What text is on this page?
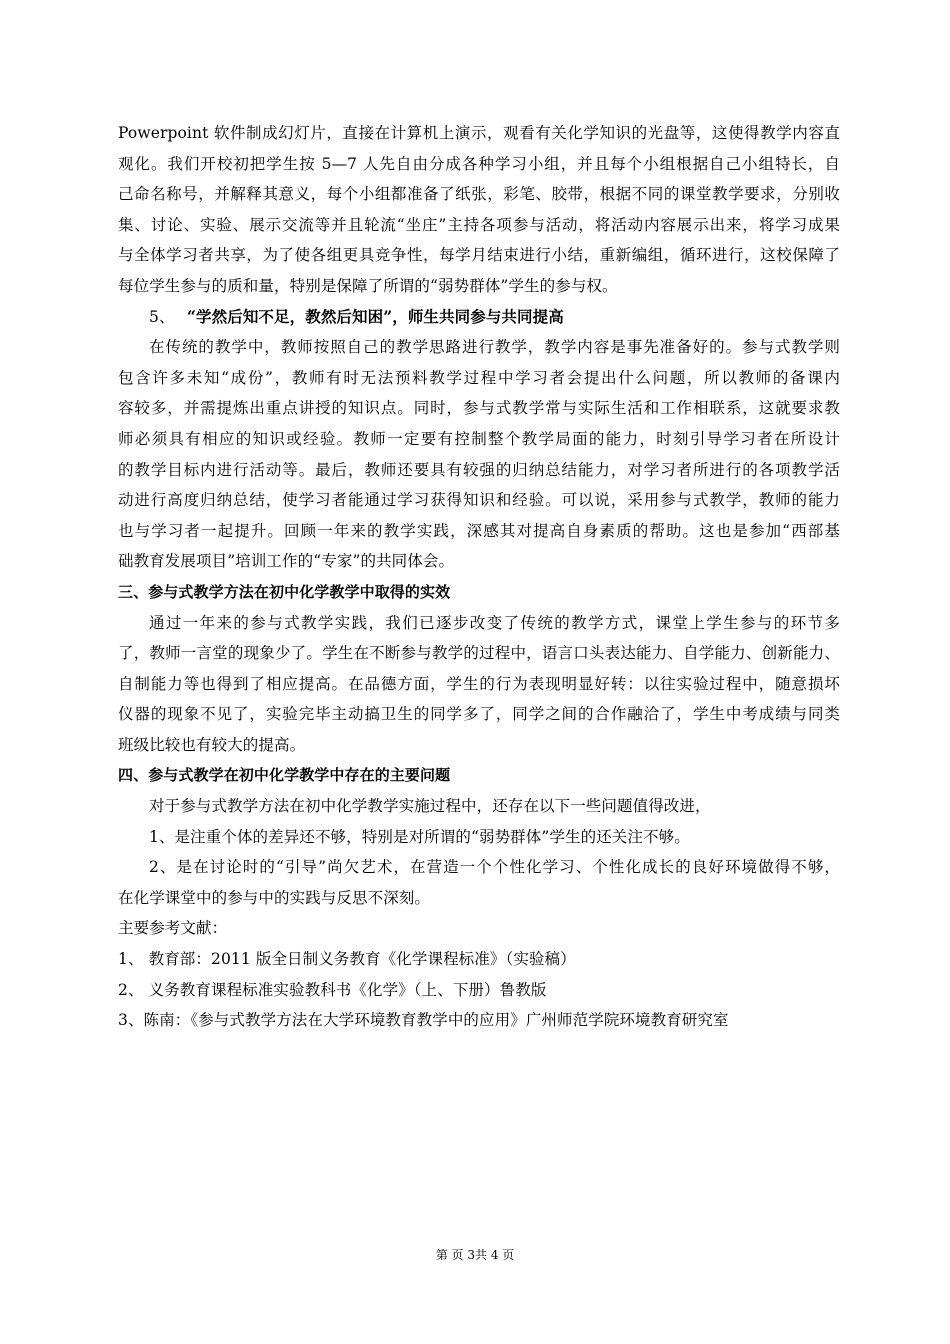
Powerpoint 软件制成幻灯片，直接在计算机上演示，观看有关化学知识的光盘等，这使得教学内容直
观化。我们开校初把学生按 5—7 人先自由分成各种学习小组，并且每个小组根据自己小组特长，自
己命名称号，并解释其意义，每个小组都准备了纸张，彩笔、胶带，根据不同的课堂教学要求，分别收
集、讨论、实验、展示交流等并且轮流“坐庄”主持各项参与活动，将活动内容展示出来，将学习成果
与全体学习者共享，为了使各组更具竞争性，每学月结束进行小结，重新编组，循环进行，这校保障了
每位学生参与的质和量，特别是保障了所谓的“弱势群体”学生的参与权。
5、 “学然后知不足，教然后知困”，师生共同参与共同提高
在传统的教学中，教师按照自己的教学思路进行教学，教学内容是事先准备好的。参与式教学则
包含许多未知“成份”，教师有时无法预料教学过程中学习者会提出什么问题，所以教师的备课内
容较多，并需提炼出重点讲授的知识点。同时，参与式教学常与实际生活和工作相联系，这就要求教
师必须具有相应的知识或经验。教师一定要有控制整个教学局面的能力，时刻引导学习者在所设计
的教学目标内进行活动等。最后，教师还要具有较强的归纳总结能力，对学习者所进行的各项教学活
动进行高度归纳总结，使学习者能通过学习获得知识和经验。可以说，采用参与式教学，教师的能力
也与学习者一起提升。回顾一年来的教学实践，深感其对提高自身素质的帮助。这也是参加“西部基
础教育发展项目”培训工作的“专家”的共同体会。
三、参与式教学方法在初中化学教学中取得的实效
通过一年来的参与式教学实践，我们已逐步改变了传统的教学方式，课堂上学生参与的环节多
了，教师一言堂的现象少了。学生在不断参与教学的过程中，语言口头表达能力、自学能力、创新能力、
自制能力等也得到了相应提高。在品德方面，学生的行为表现明显好转：以往实验过程中，随意损坏
仪器的现象不见了，实验完毕主动搞卫生的同学多了，同学之间的合作融洽了，学生中考成绩与同类
班级比较也有较大的提高。
四、参与式教学在初中化学教学中存在的主要问题
对于参与式教学方法在初中化学教学实施过程中，还存在以下一些问题值得改进，
1、是注重个体的差异还不够，特别是对所谓的“弱势群体”学生的还关注不够。
2、是在讨论时的“引导”尚欠艺术，在营造一个个性化学习、个性化成长的良好环境做得不够，
在化学课堂中的参与中的实践与反思不深刻。
主要参考文献：
1、 教育部：2011 版全日制义务教育《化学课程标准》（实验稿）
2、 义务教育课程标准实验教科书《化学》（上、下册）鲁教版
3、陈南：《参与式教学方法在大学环境教育教学中的应用》广州师范学院环境教育研究室
第 页 3共 4 页
